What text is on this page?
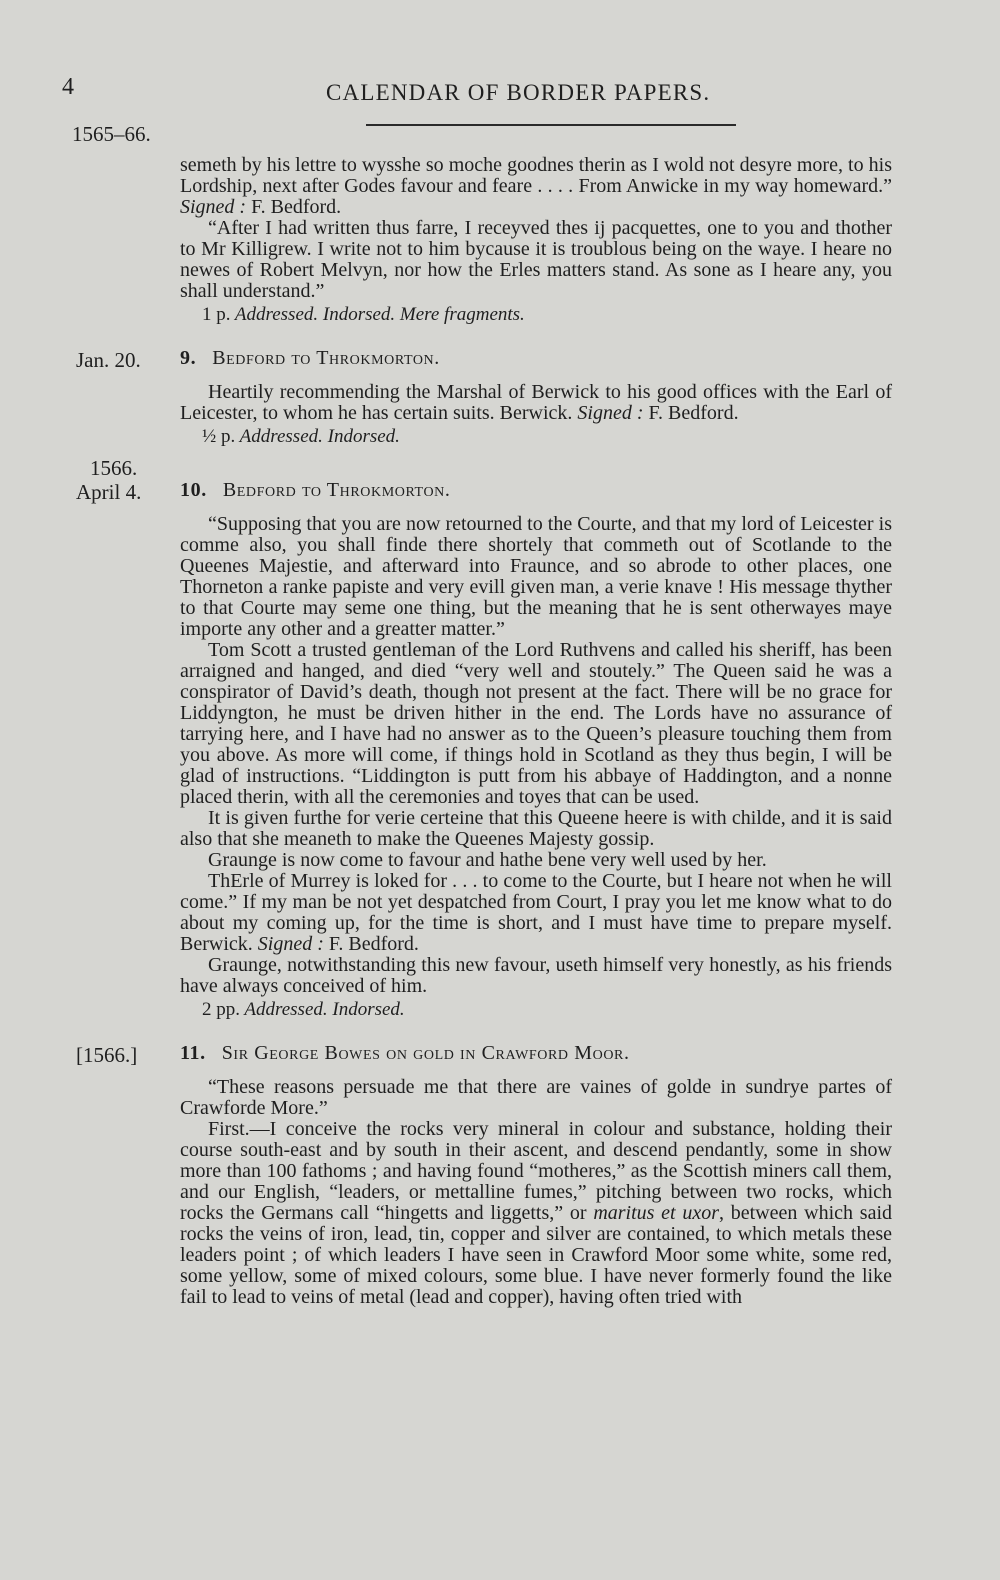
4	CALENDAR OF BORDER PAPERS.
1565–66.

semeth by his lettre to wysshe so moche goodnes therin as I wold not desyre more, to his Lordship, next after Godes favour and feare . . . . From Anwicke in my way homeward.” Signed : F. Bedford.

“After I had written thus farre, I receyved thes ij pacquettes, one to you and thother to Mr Killigrew. I write not to him bycause it is troublous being on the waye. I heare no newes of Robert Melvyn, nor how the Erles matters stand. As sone as I heare any, you shall understand.”

1 p. Addressed. Indorsed. Mere fragments.
Jan. 20.	9. Bedford to Throkmorton.

Heartily recommending the Marshal of Berwick to his good offices with the Earl of Leicester, to whom he has certain suits. Berwick. Signed : F. Bedford.

½ p. Addressed. Indorsed.
1566.
April 4.	10. Bedford to Throkmorton.

“Supposing that you are now retourned to the Courte, and that my lord of Leicester is comme also, you shall finde there shortely that commeth out of Scotlande to the Queenes Majestie, and afterward into Fraunce, and so abrode to other places, one Thorneton a ranke papiste and very evill given man, a verie knave ! His message thyther to that Courte may seme one thing, but the meaning that he is sent otherwayes maye importe any other and a greatter matter.”

Tom Scott a trusted gentleman of the Lord Ruthvens and called his sheriff, has been arraigned and hanged, and died “very well and stoutely.” The Queen said he was a conspirator of David’s death, though not present at the fact. There will be no grace for Liddyngton, he must be driven hither in the end. The Lords have no assurance of tarrying here, and I have had no answer as to the Queen’s pleasure touching them from you above. As more will come, if things hold in Scotland as they thus begin, I will be glad of instructions. “Liddington is putt from his abbaye of Haddington, and a nonne placed therin, with all the ceremonies and toyes that can be used.

It is given furthe for verie certeine that this Queene heere is with childe, and it is said also that she meaneth to make the Queenes Majesty gossip.

Graunge is now come to favour and hathe bene very well used by her.

ThErle of Murrey is loked for . . . to come to the Courte, but I heare not when he will come.” If my man be not yet despatched from Court, I pray you let me know what to do about my coming up, for the time is short, and I must have time to prepare myself. Berwick. Signed : F. Bedford.

Graunge, notwithstanding this new favour, useth himself very honestly, as his friends have always conceived of him.

2 pp. Addressed. Indorsed.
[1566.]	11. Sir George Bowes on gold in Crawford Moor.

“These reasons persuade me that there are vaines of golde in sundrye partes of Crawforde More.”

First.—I conceive the rocks very mineral in colour and substance, holding their course south-east and by south in their ascent, and descend pendantly, some in show more than 100 fathoms ; and having found “motheres,” as the Scottish miners call them, and our English, “leaders, or mettalline fumes,” pitching between two rocks, which rocks the Germans call “hingetts and liggetts,” or maritus et uxor, between which said rocks the veins of iron, lead, tin, copper and silver are contained, to which metals these leaders point ; of which leaders I have seen in Crawford Moor some white, some red, some yellow, some of mixed colours, some blue. I have never formerly found the like fail to lead to veins of metal (lead and copper), having often tried with
